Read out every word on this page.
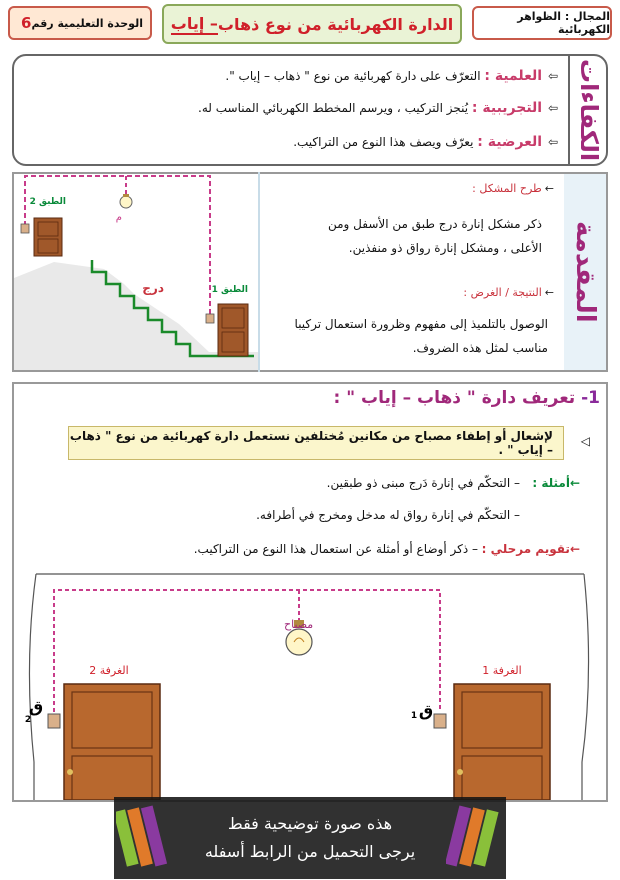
المجال : الظواهر الكهربائية
الدارة الكهربائية من نوع ذهاب
– إياب
الوحدة التعليمية رقم
6
الكفاءات
⇦ العلمية : التعرّف على دارة كهربائية من نوع " ذهاب – إياب ".
⇦ التجريبية : يُنجز التركيب ، ويرسم المخطط الكهربائي المناسب له.
⇦ العرضية : يعرّف ويصف هذا النوع من التراكيب.
المقدمة
←طرح المشكل :
ذكر مشكل إنارة درج طبق من الأسفل ومن
الأعلى ، ومشكل إنارة رواق ذو منفذين.
←النتيجة / الغرض :
الوصول بالتلميذ إلى مفهوم وظرورة استعمال تركيبا
مناسب لمثل هذه الضروف.
م
الطبق 2
الطبق 1
درج
1- تعريف دارة " ذهاب – إياب " :
◁
لإشعال أو إطفاء مصباح من مكانين مُختلفين نستعمل دارة كهربائية من نوع " ذهاب – إياب " .
←أمثلة :
– التحكّم في إنارة دَرج مبنى ذو طبقين.
– التحكّم في إنارة رواق له مدخل ومخرج في أطرافه.
←تقويم مرحلي :
– ذكر أوضاع أو أمثلة عن استعمال هذا النوع من التراكيب.
مصباح
الغرفة 2
ق
2
الغرفة 1
ق
1
هذه صورة توضيحية فقط
يرجى التحميل من الرابط أسفله
